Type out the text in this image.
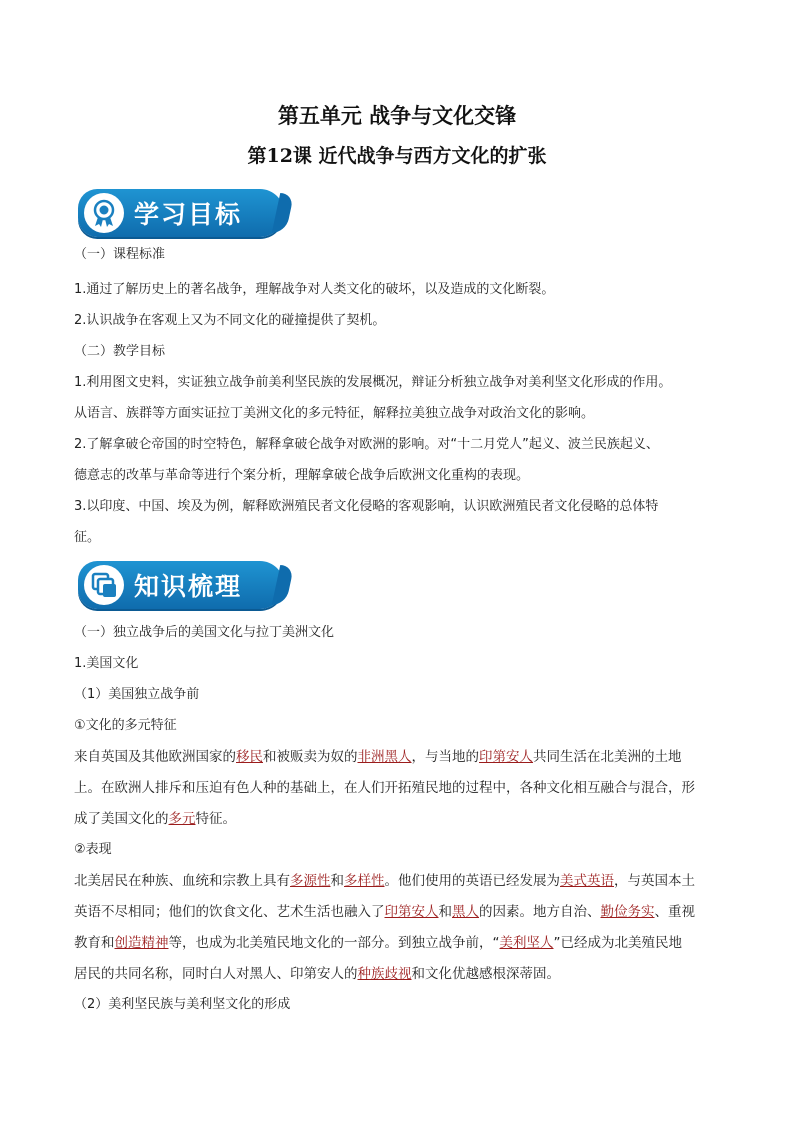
第五单元 战争与文化交锋
第12课 近代战争与西方文化的扩张
学习目标

（一）课程标准

1.通过了解历史上的著名战争，理解战争对人类文化的破坏，以及造成的文化断裂。

2.认识战争在客观上又为不同文化的碰撞提供了契机。

（二）教学目标

1.利用图文史料，实证独立战争前美利坚民族的发展概况，辩证分析独立战争对美利坚文化形成的作用。

从语言、族群等方面实证拉丁美洲文化的多元特征，解释拉美独立战争对政治文化的影响。

2.了解拿破仑帝国的时空特色，解释拿破仑战争对欧洲的影响。对“十二月党人”起义、波兰民族起义、

德意志的改革与革命等进行个案分析，理解拿破仑战争后欧洲文化重构的表现。

3.以印度、中国、埃及为例，解释欧洲殖民者文化侵略的客观影响，认识欧洲殖民者文化侵略的总体特

征。

知识梳理

（一）独立战争后的美国文化与拉丁美洲文化

1.美国文化

（1）美国独立战争前

①文化的多元特征

来自英国及其他欧洲国家的移民和被贩卖为奴的非洲黑人，与当地的印第安人共同生活在北美洲的土地

上。在欧洲人排斥和压迫有色人种的基础上，在人们开拓殖民地的过程中，各种文化相互融合与混合，形

成了美国文化的多元特征。

②表现

北美居民在种族、血统和宗教上具有多源性和多样性。他们使用的英语已经发展为美式英语，与英国本土

英语不尽相同；他们的饮食文化、艺术生活也融入了印第安人和黑人的因素。地方自治、勤俭务实、重视

教育和创造精神等，也成为北美殖民地文化的一部分。到独立战争前，“美利坚人”已经成为北美殖民地

居民的共同名称，同时白人对黑人、印第安人的种族歧视和文化优越感根深蒂固。

（2）美利坚民族与美利坚文化的形成
